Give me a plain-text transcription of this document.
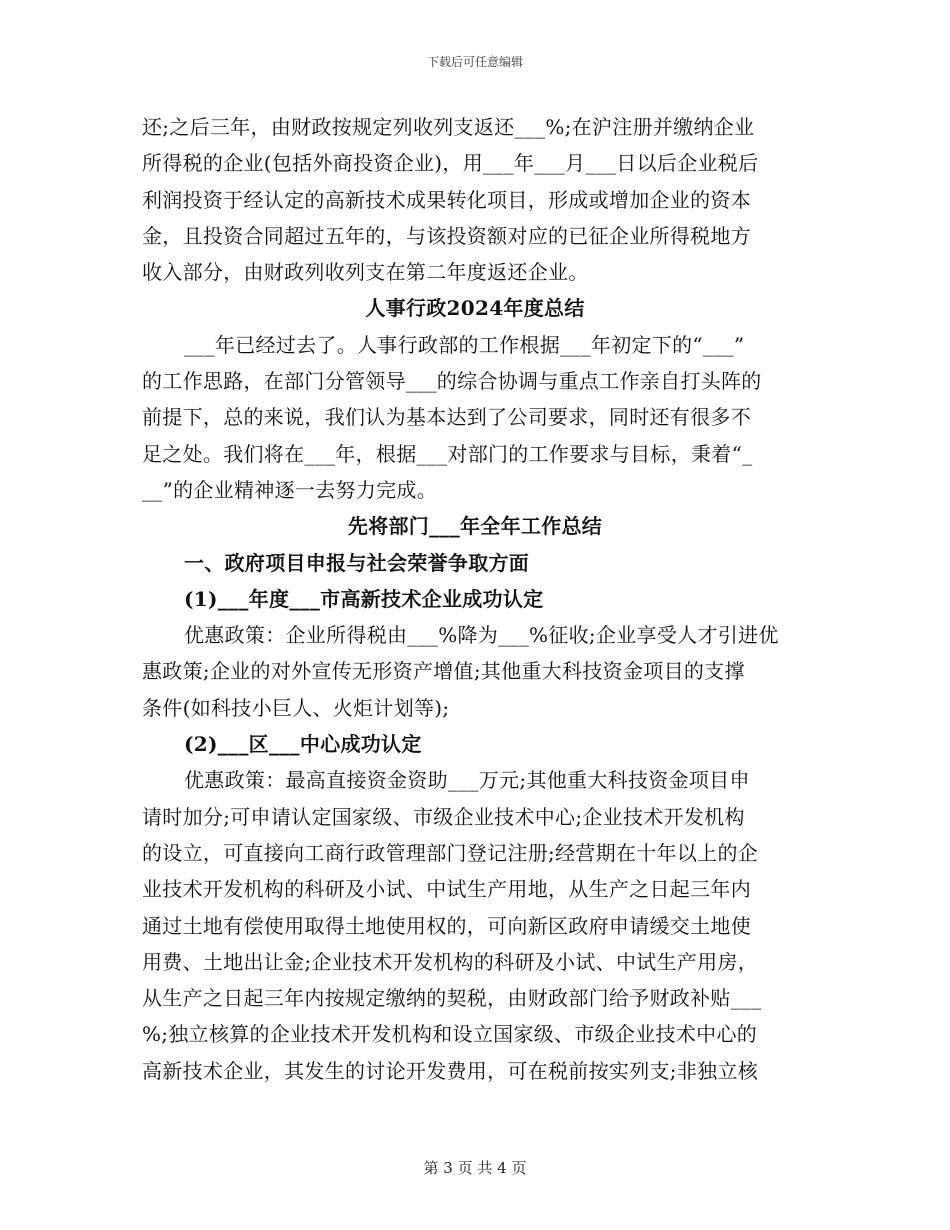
下载后可任意编辑
还;之后三年，由财政按规定列收列支返还___%;在沪注册并缴纳企业
所得税的企业(包括外商投资企业)，用___年___月___日以后企业税后
利润投资于经认定的高新技术成果转化项目，形成或增加企业的资本
金，且投资合同超过五年的，与该投资额对应的已征企业所得税地方
收入部分，由财政列收列支在第二年度返还企业。
人事行政2024年度总结
___年已经过去了。人事行政部的工作根据___年初定下的“___”
的工作思路，在部门分管领导___的综合协调与重点工作亲自打头阵的
前提下，总的来说，我们认为基本达到了公司要求，同时还有很多不
足之处。我们将在___年，根据___对部门的工作要求与目标，秉着“_
__”的企业精神逐一去努力完成。
先将部门___年全年工作总结
一、政府项目申报与社会荣誉争取方面
(1)___年度___市高新技术企业成功认定
优惠政策：企业所得税由___%降为___%征收;企业享受人才引进优
惠政策;企业的对外宣传无形资产增值;其他重大科技资金项目的支撑
条件(如科技小巨人、火炬计划等);
(2)___区___中心成功认定
优惠政策：最高直接资金资助___万元;其他重大科技资金项目申
请时加分;可申请认定国家级、市级企业技术中心;企业技术开发机构
的设立，可直接向工商行政管理部门登记注册;经营期在十年以上的企
业技术开发机构的科研及小试、中试生产用地，从生产之日起三年内
通过土地有偿使用取得土地使用权的，可向新区政府申请缓交土地使
用费、土地出让金;企业技术开发机构的科研及小试、中试生产用房，
从生产之日起三年内按规定缴纳的契税，由财政部门给予财政补贴___
%;独立核算的企业技术开发机构和设立国家级、市级企业技术中心的
高新技术企业，其发生的讨论开发费用，可在税前按实列支;非独立核
第 3 页 共 4 页
